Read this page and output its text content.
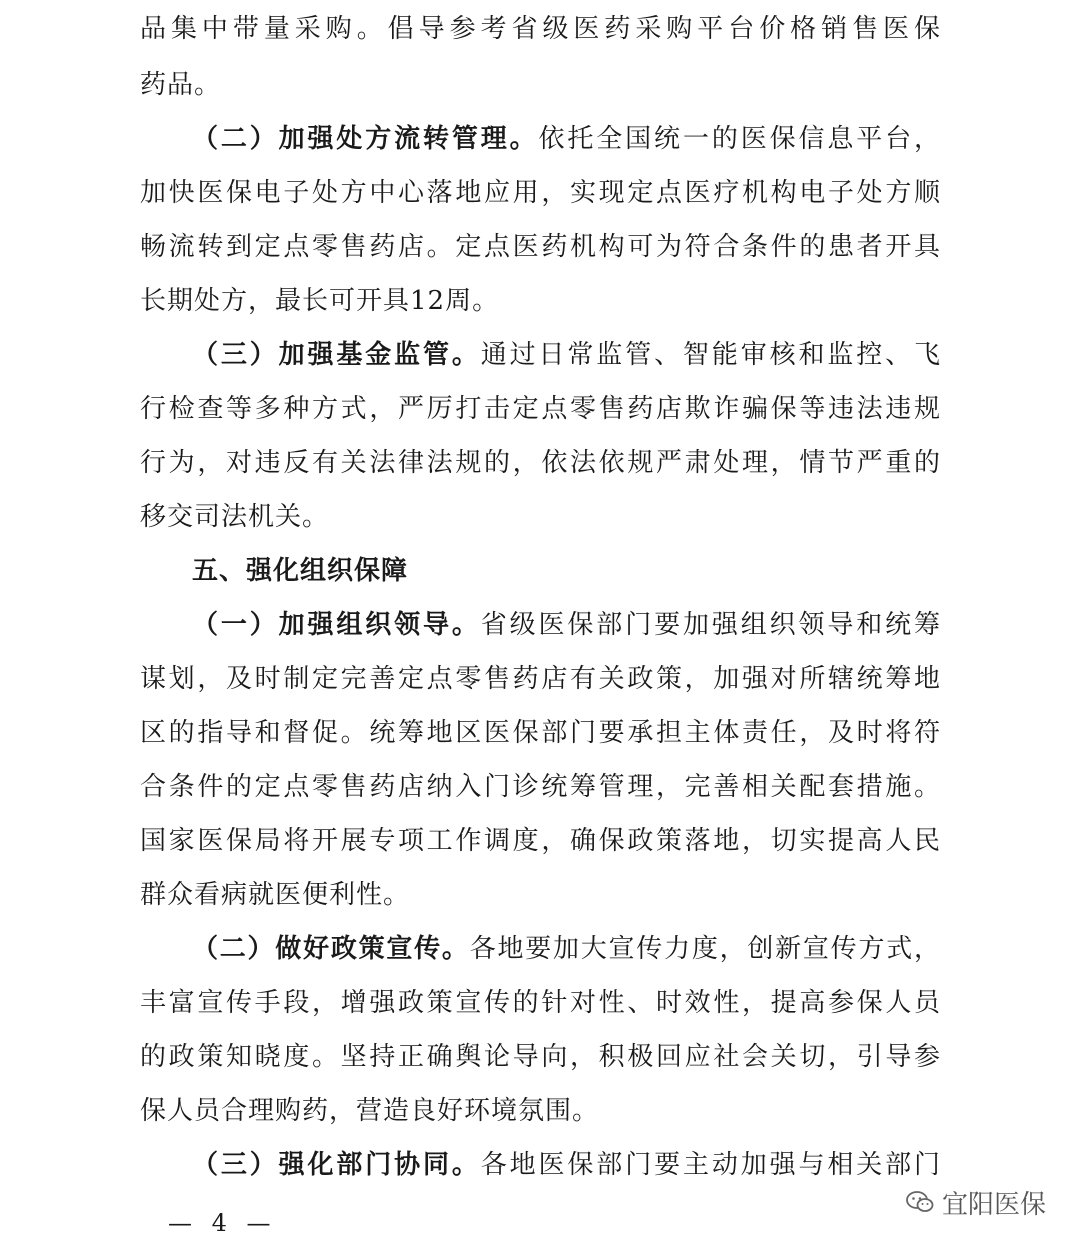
品集中带量采购。倡导参考省级医药采购平台价格销售医保
药品。
（二）加强处方流转管理。依托全国统一的医保信息平台，
加快医保电子处方中心落地应用，实现定点医疗机构电子处方顺
畅流转到定点零售药店。定点医药机构可为符合条件的患者开具
长期处方，最长可开具12周。
（三）加强基金监管。通过日常监管、智能审核和监控、飞
行检查等多种方式，严厉打击定点零售药店欺诈骗保等违法违规
行为，对违反有关法律法规的，依法依规严肃处理，情节严重的
移交司法机关。
五、强化组织保障
（一）加强组织领导。省级医保部门要加强组织领导和统筹
谋划，及时制定完善定点零售药店有关政策，加强对所辖统筹地
区的指导和督促。统筹地区医保部门要承担主体责任，及时将符
合条件的定点零售药店纳入门诊统筹管理，完善相关配套措施。
国家医保局将开展专项工作调度，确保政策落地，切实提高人民
群众看病就医便利性。
（二）做好政策宣传。各地要加大宣传力度，创新宣传方式，
丰富宣传手段，增强政策宣传的针对性、时效性，提高参保人员
的政策知晓度。坚持正确舆论导向，积极回应社会关切，引导参
保人员合理购药，营造良好环境氛围。
（三）强化部门协同。各地医保部门要主动加强与相关部门
— 4 —
宜阳医保
